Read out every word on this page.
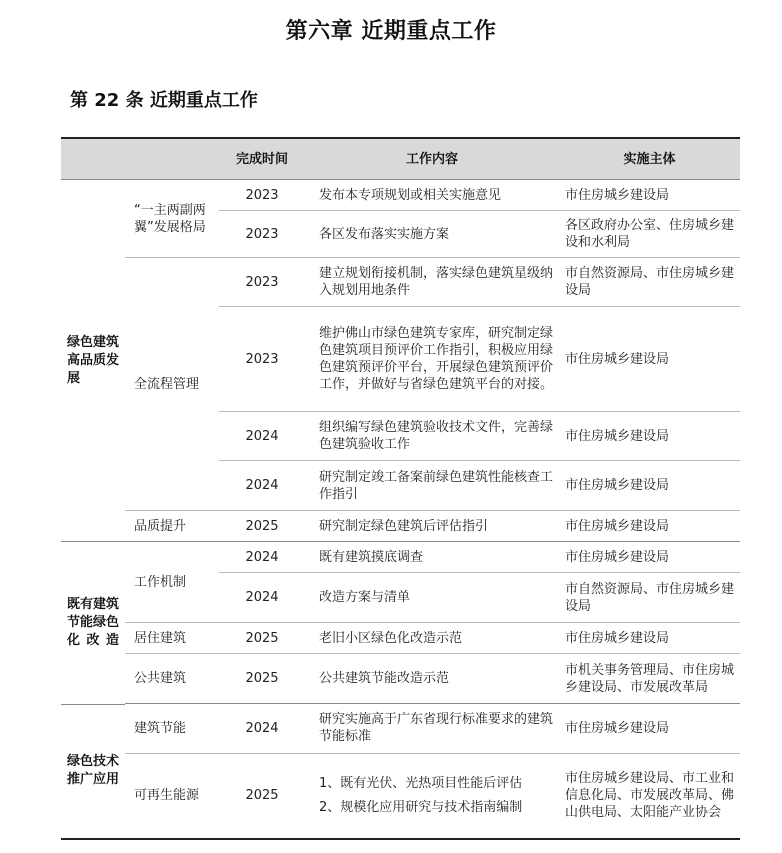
第六章 近期重点工作
第 22 条 近期重点工作
		完成时间	工作内容	实施主体

绿色建筑高品质发展	“一主两副两翼”发展格局	2023	发布本专项规划或相关实施意见	市住房城乡建设局
		2023	各区发布落实实施方案	各区政府办公室、住房城乡建设和水利局
	全流程管理	2023	建立规划衔接机制，落实绿色建筑星级纳入规划用地条件	市自然资源局、市住房城乡建设局
		2023	维护佛山市绿色建筑专家库，研究制定绿色建筑项目预评价工作指引，积极应用绿色建筑预评价平台，开展绿色建筑预评价工作，并做好与省绿色建筑平台的对接。	市住房城乡建设局
		2024	组织编写绿色建筑验收技术文件，完善绿色建筑验收工作	市住房城乡建设局
		2024	研究制定竣工备案前绿色建筑性能核查工作指引	市住房城乡建设局
	品质提升	2025	研究制定绿色建筑后评估指引	市住房城乡建设局

既有建筑节能绿色化改造	工作机制	2024	既有建筑摸底调查	市住房城乡建设局
		2024	改造方案与清单	市自然资源局、市住房城乡建设局
	居住建筑	2025	老旧小区绿色化改造示范	市住房城乡建设局
	公共建筑	2025	公共建筑节能改造示范	市机关事务管理局、市住房城乡建设局、市发展改革局

绿色技术推广应用	建筑节能	2024	研究实施高于广东省现行标准要求的建筑节能标准	市住房城乡建设局
	可再生能源	2025	1、既有光伏、光热项目性能后评估
2、规模化应用研究与技术指南编制	市住房城乡建设局、市工业和信息化局、市发展改革局、佛山供电局、太阳能产业协会
